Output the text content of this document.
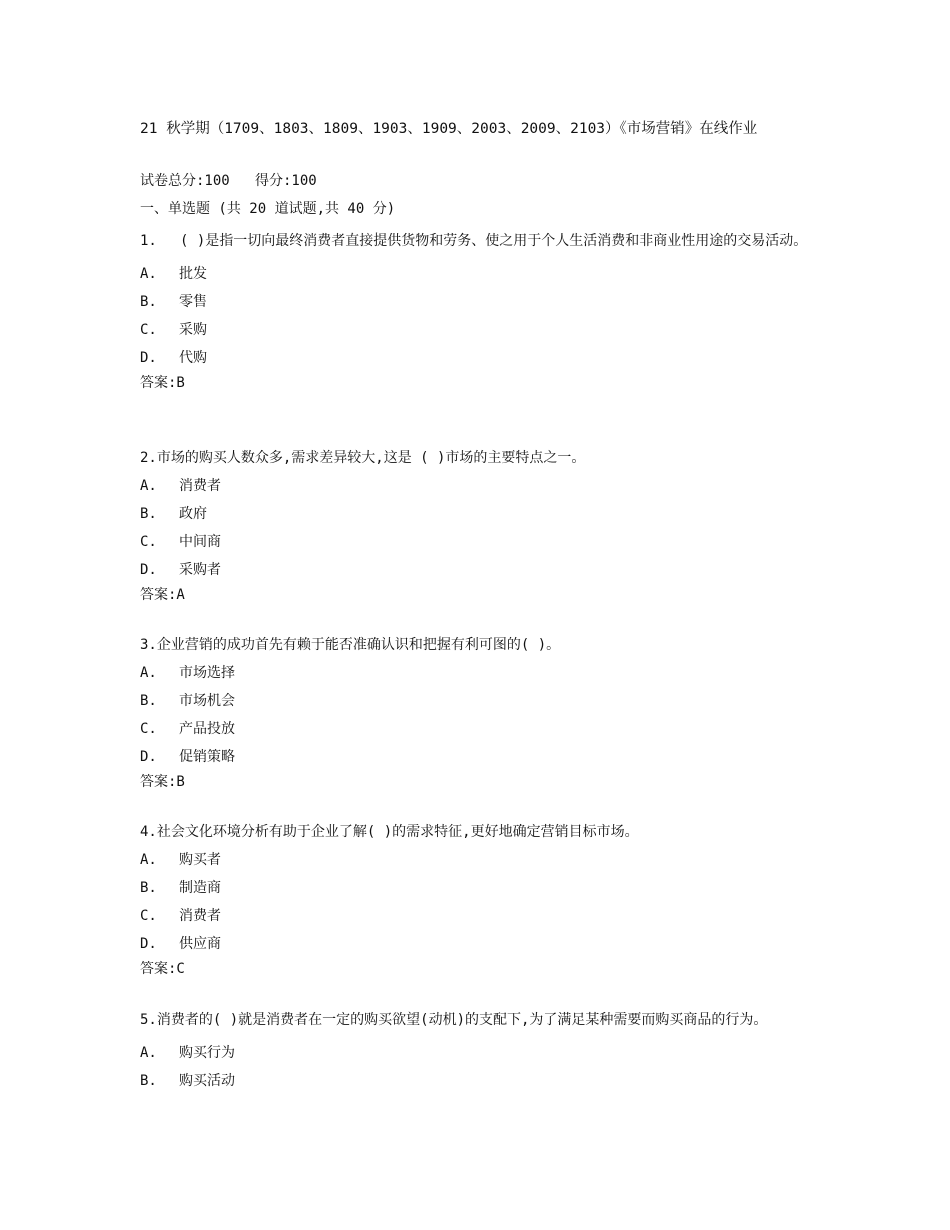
21 秋学期（1709、1803、1809、1903、1909、2003、2009、2103）《市场营销》在线作业
试卷总分:100   得分:100
一、单选题 (共 20 道试题,共 40 分)
1.	( )是指一切向最终消费者直接提供货物和劳务、使之用于个人生活消费和非商业性用途的交易活动。
A.	批发
B.	零售
C.	采购
D.	代购
答案:B
2.市场的购买人数众多,需求差异较大,这是 ( )市场的主要特点之一。
A.	消费者
B.	政府
C.	中间商
D.	采购者
答案:A
3.企业营销的成功首先有赖于能否准确认识和把握有利可图的( )。
A.	市场选择
B.	市场机会
C.	产品投放
D.	促销策略
答案:B
4.社会文化环境分析有助于企业了解( )的需求特征,更好地确定营销目标市场。
A.	购买者
B.	制造商
C.	消费者
D.	供应商
答案:C
5.消费者的( )就是消费者在一定的购买欲望(动机)的支配下,为了满足某种需要而购买商品的行为。
A.	购买行为
B.	购买活动
